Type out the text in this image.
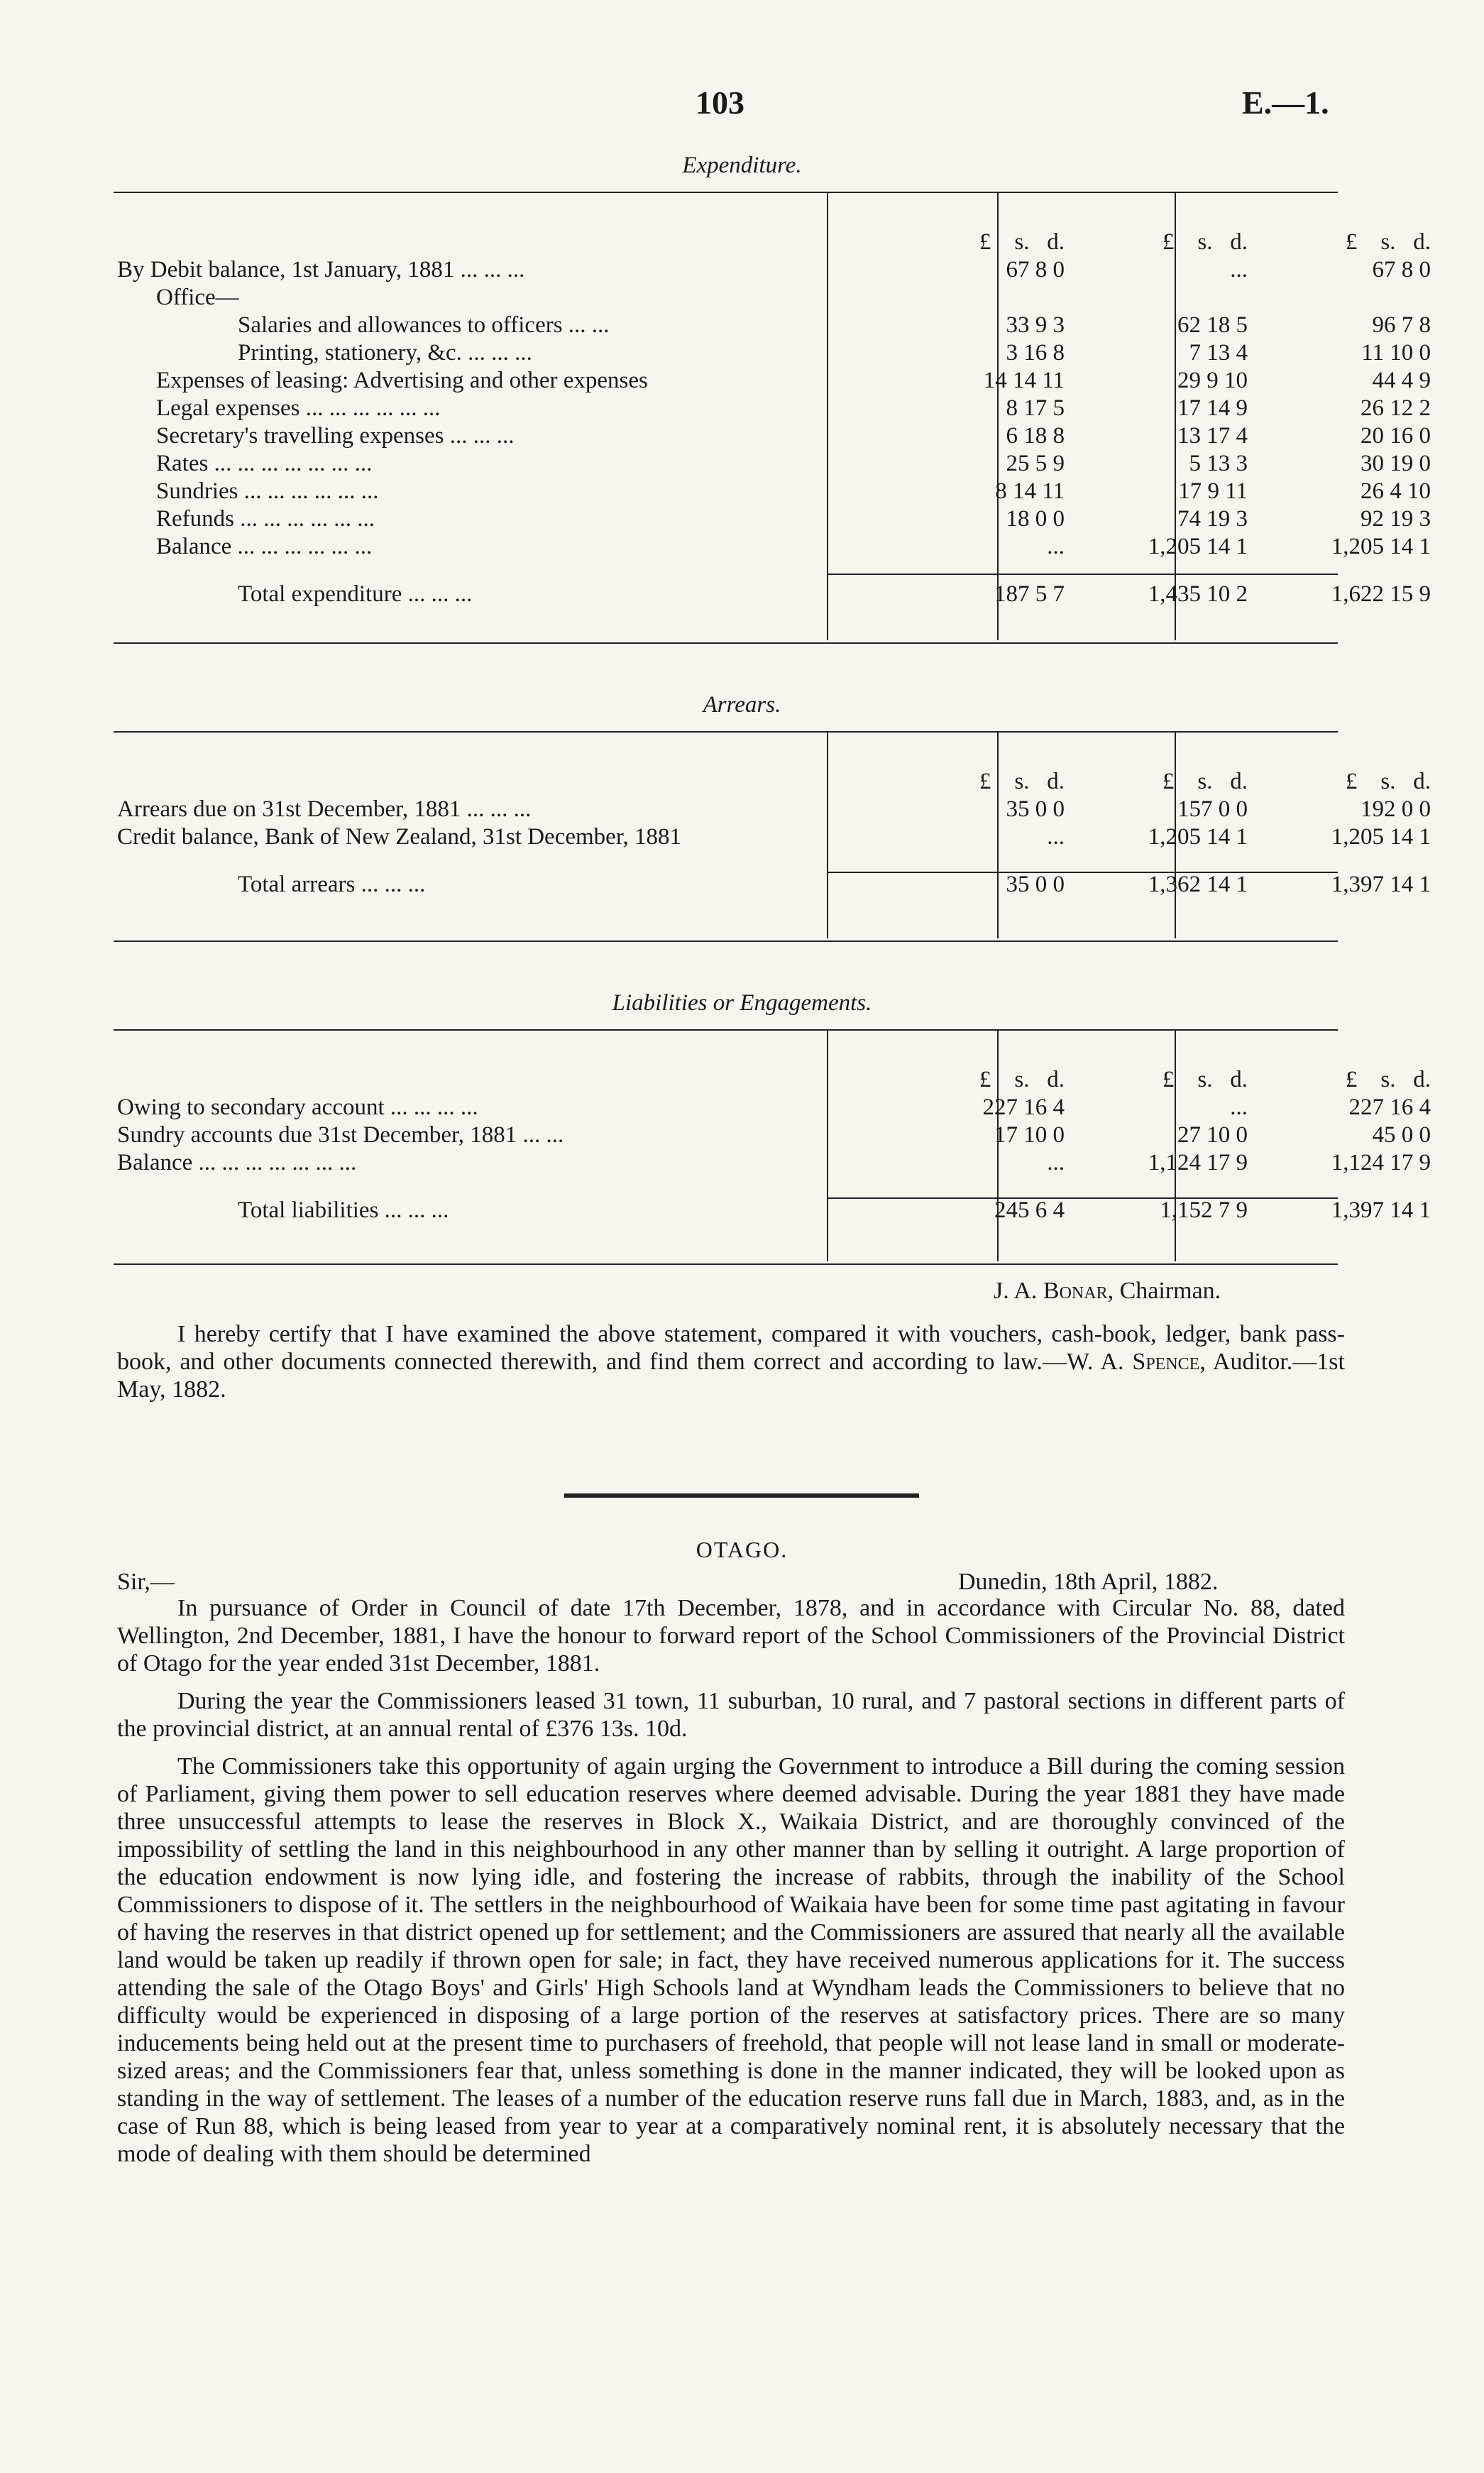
103	E.—1.
Expenditure.
	£ s. d.	£ s. d.	£ s. d.
By Debit balance, 1st January, 1881 ... ... ...	67 8 0	...	67 8 0
Office—			
Salaries and allowances to officers ... ...	33 9 3	62 18 5	96 7 8
Printing, stationery, &c. ... ... ...	3 16 8	7 13 4	11 10 0
Expenses of leasing: Advertising and other expenses	14 14 11	29 9 10	44 4 9
Legal expenses ... ... ... ... ... ...	8 17 5	17 14 9	26 12 2
Secretary's travelling expenses ... ... ...	6 18 8	13 17 4	20 16 0
Rates ... ... ... ... ... ... ...	25 5 9	5 13 3	30 19 0
Sundries ... ... ... ... ... ...	8 14 11	17 9 11	26 4 10
Refunds ... ... ... ... ... ...	18 0 0	74 19 3	92 19 3
Balance ... ... ... ... ... ...	...	1,205 14 1	1,205 14 1
Total expenditure ... ... ...	187 5 7	1,435 10 2	1,622 15 9
Arrears.
	£ s. d.	£ s. d.	£ s. d.
Arrears due on 31st December, 1881 ... ... ...	35 0 0	157 0 0	192 0 0
Credit balance, Bank of New Zealand, 31st December, 1881	...	1,205 14 1	1,205 14 1
Total arrears ... ... ...	35 0 0	1,362 14 1	1,397 14 1
Liabilities or Engagements.
	£ s. d.	£ s. d.	£ s. d.
Owing to secondary account ... ... ... ...	227 16 4	...	227 16 4
Sundry accounts due 31st December, 1881 ... ...	17 10 0	27 10 0	45 0 0
Balance ... ... ... ... ... ... ...	...	1,124 17 9	1,124 17 9
Total liabilities ... ... ...	245 6 4	1,152 7 9	1,397 14 1
J. A. Bonar, Chairman.

I hereby certify that I have examined the above statement, compared it with vouchers, cash-book, ledger, bank pass-book, and other documents connected therewith, and find them correct and according to law.—W. A. Spence, Auditor.—1st May, 1882.

OTAGO.
Sir,—	Dunedin, 18th April, 1882.

In pursuance of Order in Council of date 17th December, 1878, and in accordance with Circular No. 88, dated Wellington, 2nd December, 1881, I have the honour to forward report of the School Commissioners of the Provincial District of Otago for the year ended 31st December, 1881.

During the year the Commissioners leased 31 town, 11 suburban, 10 rural, and 7 pastoral sections in different parts of the provincial district, at an annual rental of £376 13s. 10d.

The Commissioners take this opportunity of again urging the Government to introduce a Bill during the coming session of Parliament, giving them power to sell education reserves where deemed advisable. During the year 1881 they have made three unsuccessful attempts to lease the reserves in Block X., Waikaia District, and are thoroughly convinced of the impossibility of settling the land in this neighbourhood in any other manner than by selling it outright. A large proportion of the education endowment is now lying idle, and fostering the increase of rabbits, through the inability of the School Commissioners to dispose of it. The settlers in the neighbourhood of Waikaia have been for some time past agitating in favour of having the reserves in that district opened up for settlement; and the Commissioners are assured that nearly all the available land would be taken up readily if thrown open for sale; in fact, they have received numerous applications for it. The success attending the sale of the Otago Boys' and Girls' High Schools land at Wyndham leads the Commissioners to believe that no difficulty would be experienced in disposing of a large portion of the reserves at satisfactory prices. There are so many inducements being held out at the present time to purchasers of freehold, that people will not lease land in small or moderate-sized areas; and the Commissioners fear that, unless something is done in the manner indicated, they will be looked upon as standing in the way of settlement. The leases of a number of the education reserve runs fall due in March, 1883, and, as in the case of Run 88, which is being leased from year to year at a comparatively nominal rent, it is absolutely necessary that the mode of dealing with them should be determined
